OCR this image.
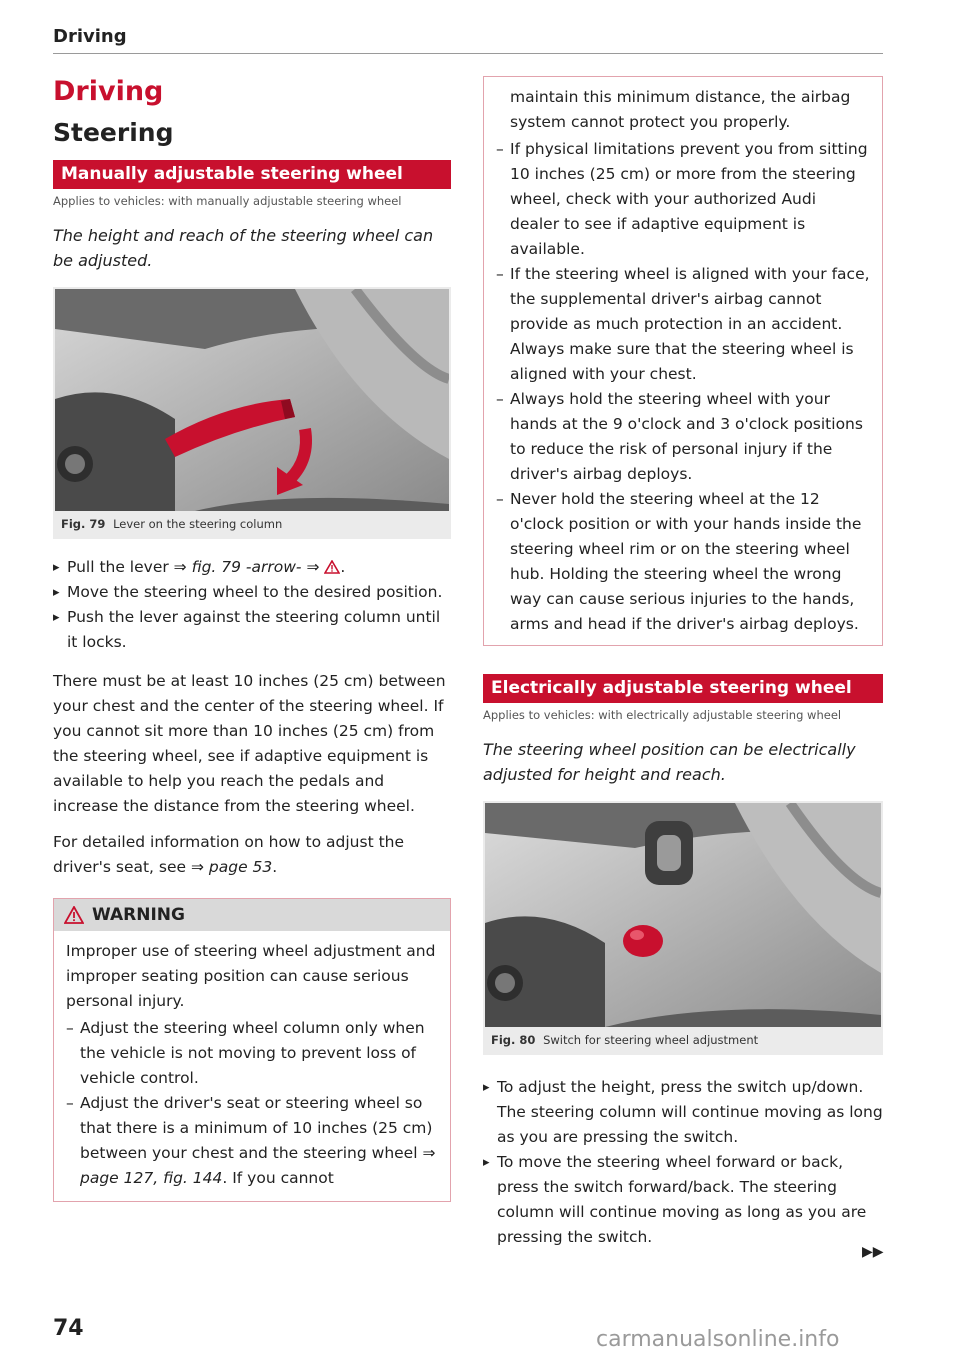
Driving
Driving
Steering
Manually adjustable steering wheel
Applies to vehicles: with manually adjustable steering wheel
The height and reach of the steering wheel can be adjusted.
Fig. 79 Lever on the steering column
▸ Pull the lever ⇒ fig. 79 -arrow- ⇒ .
▸ Move the steering wheel to the desired position.
▸ Push the lever against the steering column until it locks.
There must be at least 10 inches (25 cm) between your chest and the center of the steering wheel. If you cannot sit more than 10 inches (25 cm) from the steering wheel, see if adaptive equipment is available to help you reach the pedals and increase the distance from the steering wheel.
For detailed information on how to adjust the driver's seat, see ⇒ page 53.
WARNING
Improper use of steering wheel adjustment and improper seating position can cause serious personal injury.
– Adjust the steering wheel column only when the vehicle is not moving to prevent loss of vehicle control.
– Adjust the driver's seat or steering wheel so that there is a minimum of 10 inches (25 cm) between your chest and the steering wheel ⇒ page 127, fig. 144. If you cannot
maintain this minimum distance, the airbag system cannot protect you properly.
– If physical limitations prevent you from sitting 10 inches (25 cm) or more from the steering wheel, check with your authorized Audi dealer to see if adaptive equipment is available.
– If the steering wheel is aligned with your face, the supplemental driver's airbag cannot provide as much protection in an accident. Always make sure that the steering wheel is aligned with your chest.
– Always hold the steering wheel with your hands at the 9 o'clock and 3 o'clock positions to reduce the risk of personal injury if the driver's airbag deploys.
– Never hold the steering wheel at the 12 o'clock position or with your hands inside the steering wheel rim or on the steering wheel hub. Holding the steering wheel the wrong way can cause serious injuries to the hands, arms and head if the driver's airbag deploys.
Electrically adjustable steering wheel
Applies to vehicles: with electrically adjustable steering wheel
The steering wheel position can be electrically adjusted for height and reach.
Fig. 80 Switch for steering wheel adjustment
▸ To adjust the height, press the switch up/down. The steering column will continue moving as long as you are pressing the switch.
▸ To move the steering wheel forward or back, press the switch forward/back. The steering column will continue moving as long as you are pressing the switch.
▶▶
74	carmanualsonline.info
